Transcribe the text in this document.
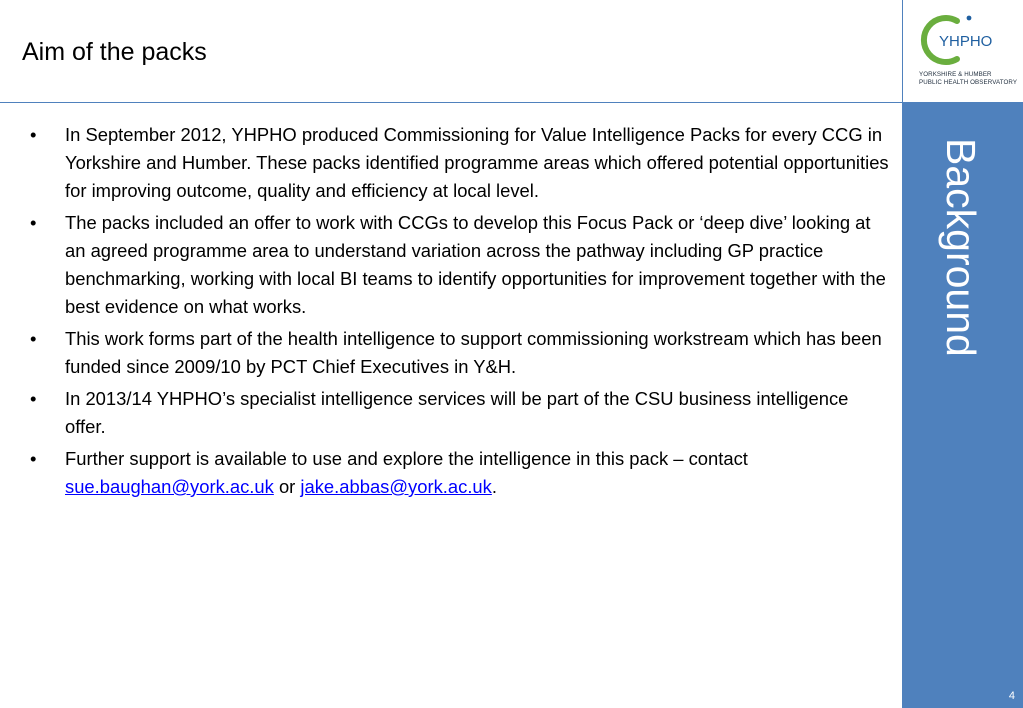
Aim of the packs	YHPHO
YORKSHIRE & HUMBER
PUBLIC HEALTH OBSERVATORY
Background
4
•	In September 2012, YHPHO produced Commissioning for Value Intelligence Packs for every CCG in Yorkshire and Humber. These packs identified programme areas which offered potential opportunities for improving outcome, quality and efficiency at local level.
•	The packs included an offer to work with CCGs to develop this Focus Pack or ‘deep dive’ looking at an agreed programme area to understand variation across the pathway including GP practice benchmarking, working with local BI teams to identify opportunities for improvement together with the best evidence on what works.
•	This work forms part of the health intelligence to support commissioning workstream which has been funded since 2009/10 by PCT Chief Executives in Y&H.
•	In 2013/14 YHPHO’s specialist intelligence services will be part of the CSU business intelligence offer.
•	Further support is available to use and explore the intelligence in this pack – contact sue.baughan@york.ac.uk or jake.abbas@york.ac.uk.
